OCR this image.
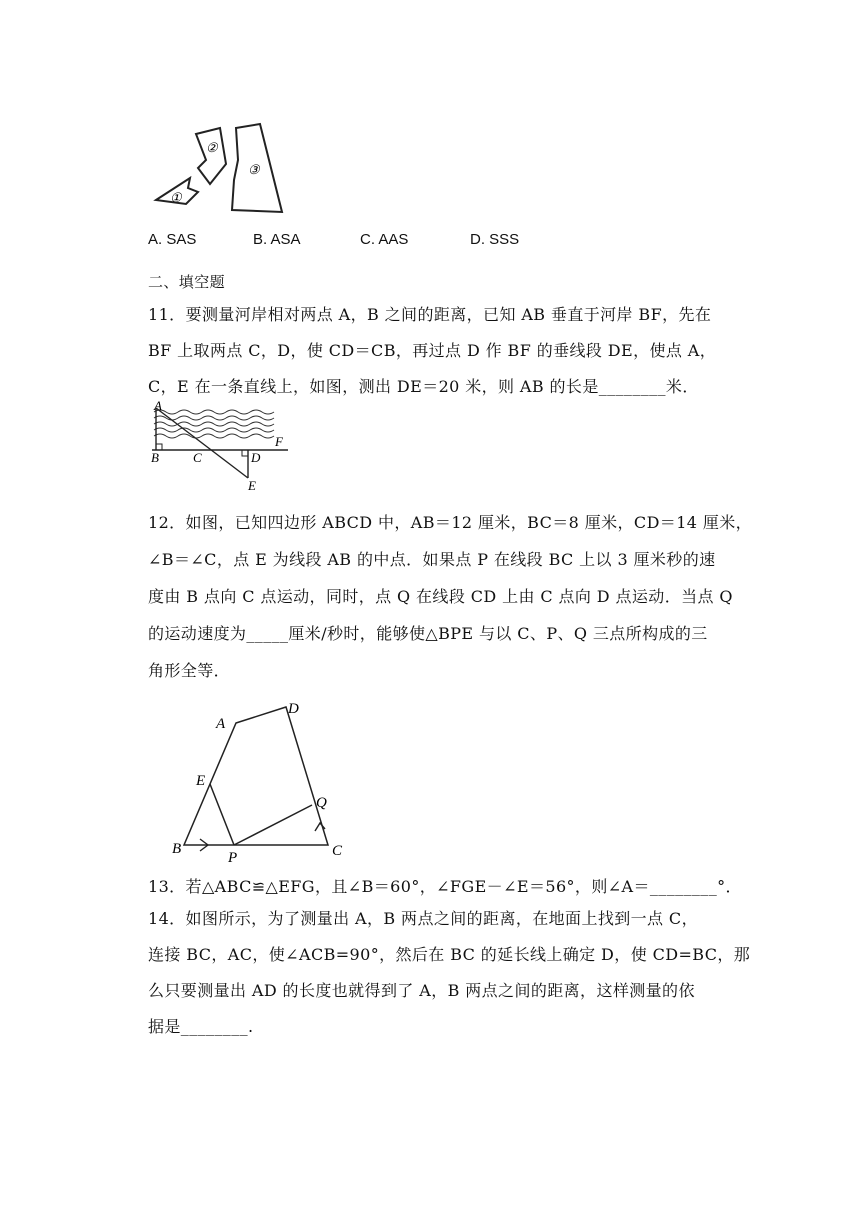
①
②
③
A. SAS	B. ASA	C. AAS	D. SSS
二、填空题
11．要测量河岸相对两点 A，B 之间的距离，已知 AB 垂直于河岸 BF，先在
BF 上取两点 C，D，使 CD＝CB，再过点 D 作 BF 的垂线段 DE，使点 A，
C，E 在一条直线上，如图，测出 DE＝20 米，则 AB 的长是________米．
A
B	C	D
F
E
12．如图，已知四边形 ABCD 中，AB＝12 厘米，BC＝8 厘米，CD＝14 厘米，
∠B＝∠C，点 E 为线段 AB 的中点．如果点 P 在线段 BC 上以 3 厘米秒的速
度由 B 点向 C 点运动，同时，点 Q 在线段 CD 上由 C 点向 D 点运动．当点 Q
的运动速度为_____厘米/秒时，能够使△BPE 与以 C、P、Q 三点所构成的三
角形全等．
A
D
E
Q
B
P	C
13．若△ABC≌△EFG，且∠B＝60°，∠FGE－∠E＝56°，则∠A＝________°．
14．如图所示，为了测量出 A，B 两点之间的距离，在地面上找到一点 C，
连接 BC，AC，使∠ACB=90°，然后在 BC 的延长线上确定 D，使 CD=BC，那
么只要测量出 AD 的长度也就得到了 A，B 两点之间的距离，这样测量的依
据是________.
